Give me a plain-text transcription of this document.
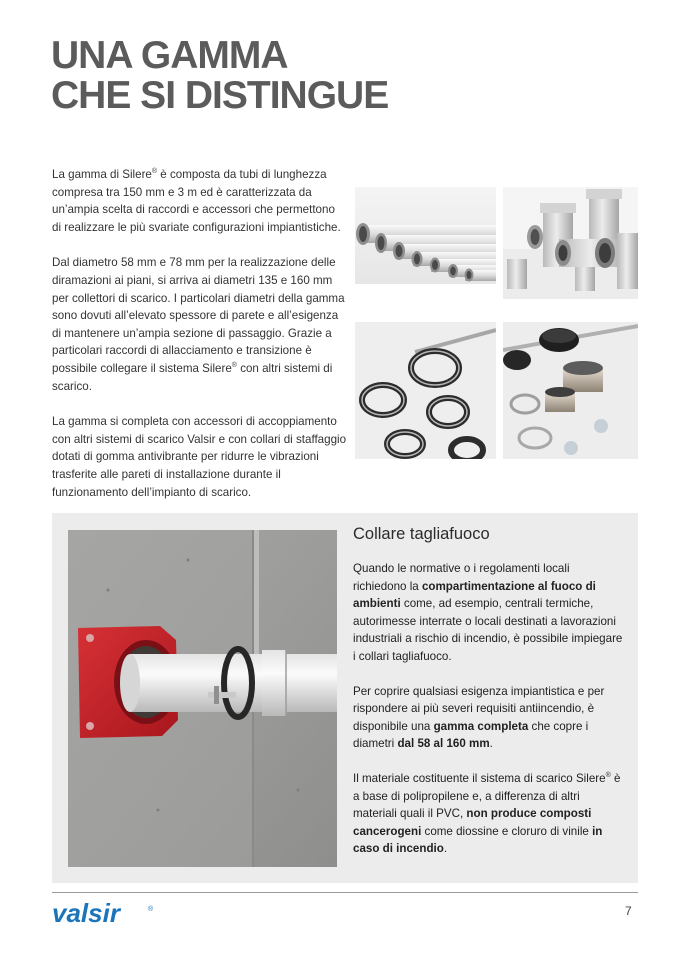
UNA GAMMA
CHE SI DISTINGUE

La gamma di Silere® è composta da tubi di lunghezza compresa tra 150 mm e 3 m ed è caratterizzata da un’ampia scelta di raccordi e accessori che permettono di realizzare le più svariate configurazioni impiantistiche.

Dal diametro 58 mm e 78 mm per la realizzazione delle diramazioni ai piani, si arriva ai diametri 135 e 160 mm per collettori di scarico. I particolari diametri della gamma sono dovuti all’elevato spessore di parete e all’esigenza di mantenere un’ampia sezione di passaggio. Grazie a particolari raccordi di allacciamento e transizione è possibile collegare il sistema Silere® con altri sistemi di scarico.

La gamma si completa con accessori di accoppiamento con altri sistemi di scarico Valsir e con collari di staffaggio dotati di gomma antivibrante per ridurre le vibrazioni trasferite alle pareti di installazione durante il funzionamento dell’impianto di scarico.

Collare tagliafuoco

Quando le normative o i regolamenti locali richiedono la compartimentazione al fuoco di ambienti come, ad esempio, centrali termiche, autorimesse interrate o locali destinati a lavorazioni industriali a rischio di incendio, è possibile impiegare i collari tagliafuoco.

Per coprire qualsiasi esigenza impiantistica e per rispondere ai più severi requisiti antiincendio, è disponibile una gamma completa che copre i diametri dal 58 al 160 mm.

Il materiale costituente il sistema di scarico Silere® è a base di polipropilene e, a differenza di altri materiali quali il PVC, non produce composti cancerogeni come diossine e cloruro di vinile in caso di incendio.

valsir	®	7
